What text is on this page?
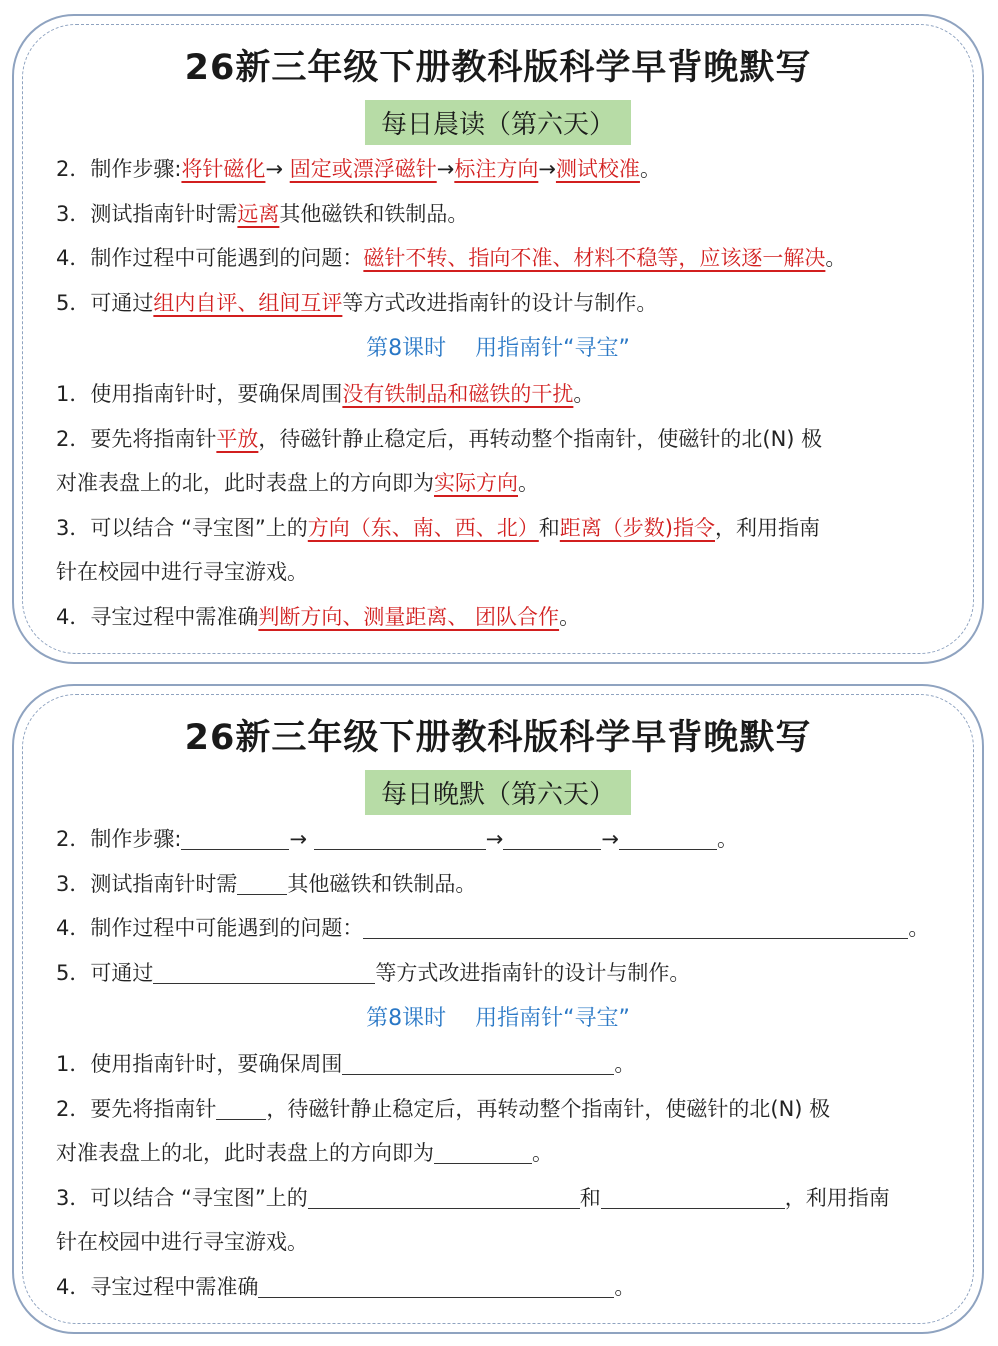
26新三年级下册教科版科学早背晚默写
每日晨读（第六天）
2．制作步骤:将针磁化→ 固定或漂浮磁针→标注方向→测试校准。
3．测试指南针时需远离其他磁铁和铁制品。
4．制作过程中可能遇到的问题：磁针不转、指向不准、材料不稳等，应该逐一解决。
5．可通过组内自评、组间互评等方式改进指南针的设计与制作。
第8课时　 用指南针“寻宝”
1．使用指南针时，要确保周围没有铁制品和磁铁的干扰。
2．要先将指南针平放，待磁针静止稳定后，再转动整个指南针，使磁针的北(N) 极
对准表盘上的北，此时表盘上的方向即为实际方向。
3．可以结合 “寻宝图”上的方向（东、南、西、北）和距离（步数)指令，利用指南
针在校园中进行寻宝游戏。
4．寻宝过程中需准确判断方向、测量距离、 团队合作。
26新三年级下册教科版科学早背晚默写
每日晚默（第六天）
2．制作步骤:	→	→	→	。
3．测试指南针时需 其他磁铁和铁制品。
4．制作过程中可能遇到的问题：	。
5．可通过	等方式改进指南针的设计与制作。
第8课时　 用指南针“寻宝”
1．使用指南针时，要确保周围	。
2．要先将指南针 ，待磁针静止稳定后，再转动整个指南针，使磁针的北(N) 极
对准表盘上的北，此时表盘上的方向即为	。
3．可以结合 “寻宝图”上的	和	，利用指南
针在校园中进行寻宝游戏。
4．寻宝过程中需准确	。
